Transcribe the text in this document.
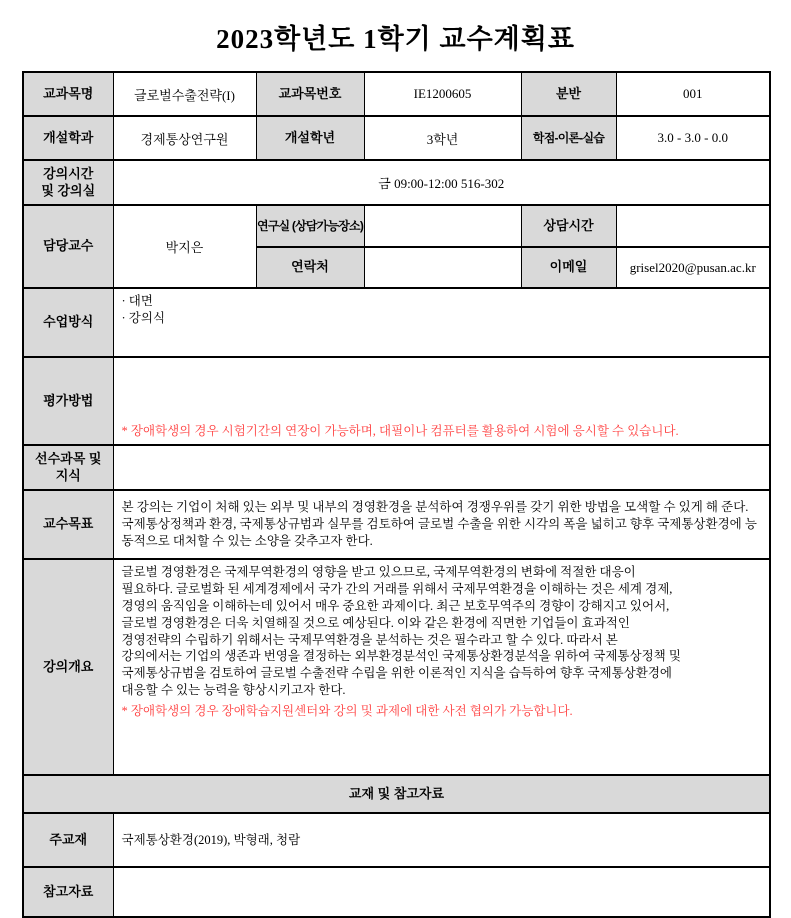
2023학년도 1학기 교수계획표
교과목명	글로벌수출전략(I)	교과목번호	IE1200605	분반	001
개설학과	경제통상연구원	개설학년	3학년	학점-이론-실습	3.0 - 3.0 - 0.0
강의시간
및 강의실	금 09:00-12:00 516-302				
담당교수	박지은	연구실 (상담가능장소)		상담시간	
		연락처		이메일	grisel2020@pusan.ac.kr
수업방식	· 대면
· 강의식				
평가방법	* 장애학생의 경우 시험기간의 연장이 가능하며, 대필이나 컴퓨터를 활용하여 시험에 응시할 수 있습니다.				

선수과목 및
지식					
교수목표	본 강의는 기업이 처해 있는 외부 및 내부의 경영환경을 분석하여 경쟁우위를 갖기 위한 방법을 모색할 수 있게 해 준다. 국제통상정책과 환경, 국제통상규범과 실무를 검토하여 글로벌 수출을 위한 시각의 폭을 넓히고 향후 국제통상환경에 능동적으로 대처할 수 있는 소양을 갖추고자 한다.				
강의개요	
글로벌 경영환경은 국제무역환경의 영향을 받고 있으므로, 국제무역환경의 변화에 적절한 대응이
필요하다. 글로벌화 된 세계경제에서 국가 간의 거래를 위해서 국제무역환경을 이해하는 것은 세계 경제,
경영의 움직임을 이해하는데 있어서 매우 중요한 과제이다. 최근 보호무역주의 경향이 강해지고 있어서,
글로벌 경영환경은 더욱 치열해질 것으로 예상된다. 이와 같은 환경에 직면한 기업들이 효과적인
경영전략의 수립하기 위해서는 국제무역환경을 분석하는 것은 필수라고 할 수 있다. 따라서 본
강의에서는 기업의 생존과 번영을 결정하는 외부환경분석인 국제통상환경분석을 위하여 국제통상정책 및
국제통상규범을 검토하여 글로벌 수출전략 수립을 위한 이론적인 지식을 습득하여 향후 국제통상환경에
대응할 수 있는 능력을 향상시키고자 한다.
* 장애학생의 경우 장애학습지원센터와 강의 및 과제에 대한 사전 협의가 가능합니다.

교재 및 참고자료					
주교재	국제통상환경(2019), 박형래, 청람				
참고자료					
